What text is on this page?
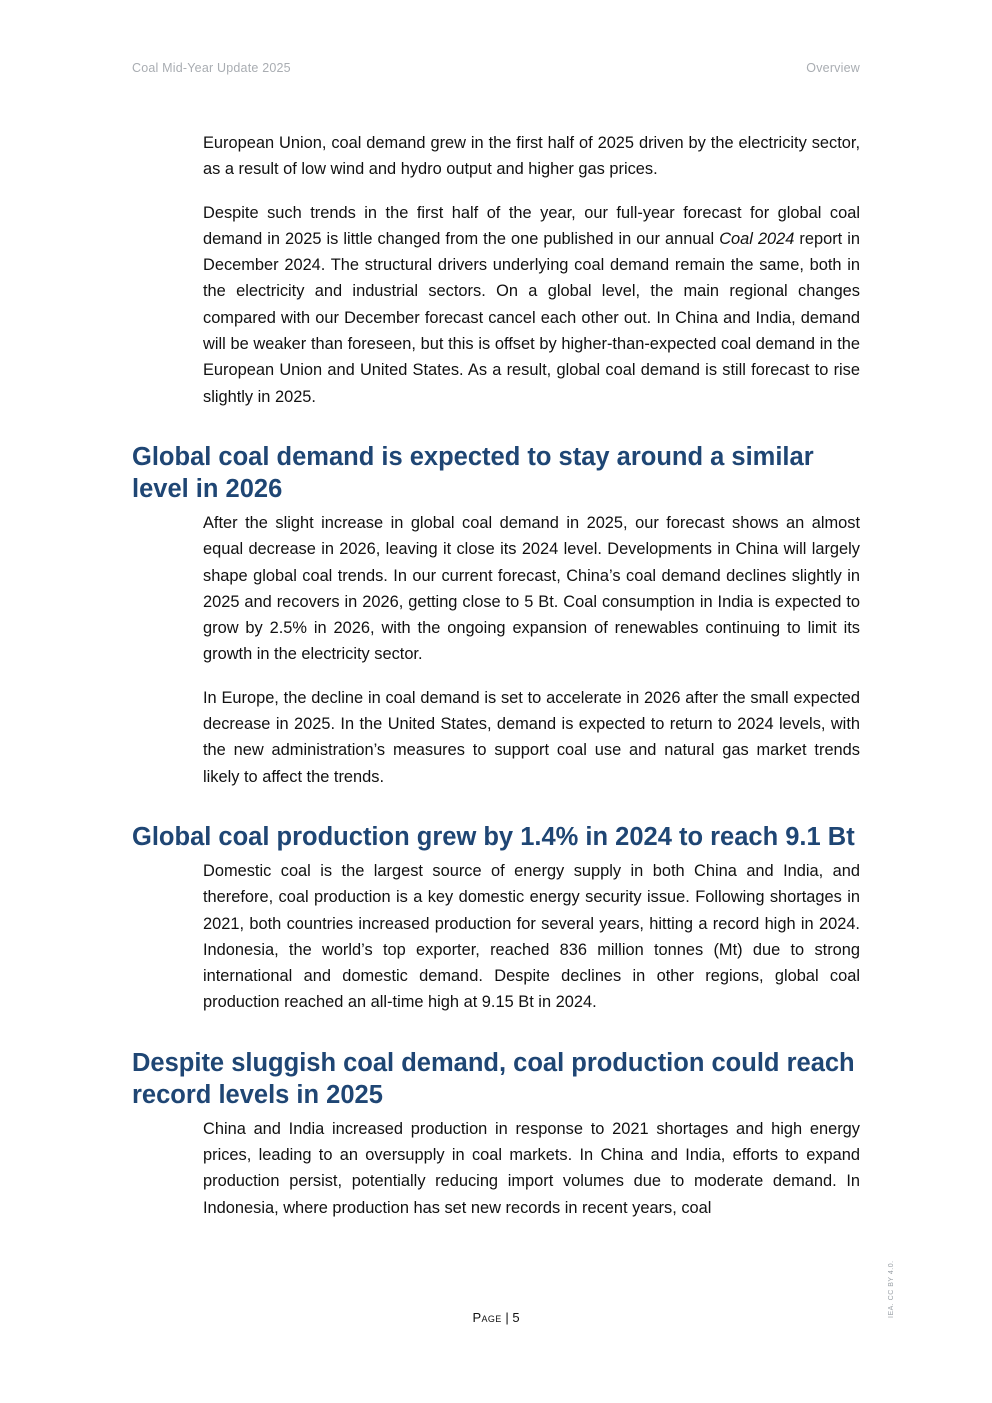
Coal Mid-Year Update 2025	Overview

European Union, coal demand grew in the first half of 2025 driven by the electricity sector, as a result of low wind and hydro output and higher gas prices.

Despite such trends in the first half of the year, our full-year forecast for global coal demand in 2025 is little changed from the one published in our annual Coal 2024 report in December 2024. The structural drivers underlying coal demand remain the same, both in the electricity and industrial sectors. On a global level, the main regional changes compared with our December forecast cancel each other out. In China and India, demand will be weaker than foreseen, but this is offset by higher-than-expected coal demand in the European Union and United States. As a result, global coal demand is still forecast to rise slightly in 2025.

Global coal demand is expected to stay around a similar level in 2026

After the slight increase in global coal demand in 2025, our forecast shows an almost equal decrease in 2026, leaving it close its 2024 level. Developments in China will largely shape global coal trends. In our current forecast, China’s coal demand declines slightly in 2025 and recovers in 2026, getting close to 5 Bt. Coal consumption in India is expected to grow by 2.5% in 2026, with the ongoing expansion of renewables continuing to limit its growth in the electricity sector.

In Europe, the decline in coal demand is set to accelerate in 2026 after the small expected decrease in 2025. In the United States, demand is expected to return to 2024 levels, with the new administration’s measures to support coal use and natural gas market trends likely to affect the trends.

Global coal production grew by 1.4% in 2024 to reach 9.1 Bt

Domestic coal is the largest source of energy supply in both China and India, and therefore, coal production is a key domestic energy security issue. Following shortages in 2021, both countries increased production for several years, hitting a record high in 2024. Indonesia, the world’s top exporter, reached 836 million tonnes (Mt) due to strong international and domestic demand. Despite declines in other regions, global coal production reached an all-time high at 9.15 Bt in 2024.

Despite sluggish coal demand, coal production could reach record levels in 2025

China and India increased production in response to 2021 shortages and high energy prices, leading to an oversupply in coal markets. In China and India, efforts to expand production persist, potentially reducing import volumes due to moderate demand. In Indonesia, where production has set new records in recent years, coal

Page | 5	IEA. CC BY 4.0.
